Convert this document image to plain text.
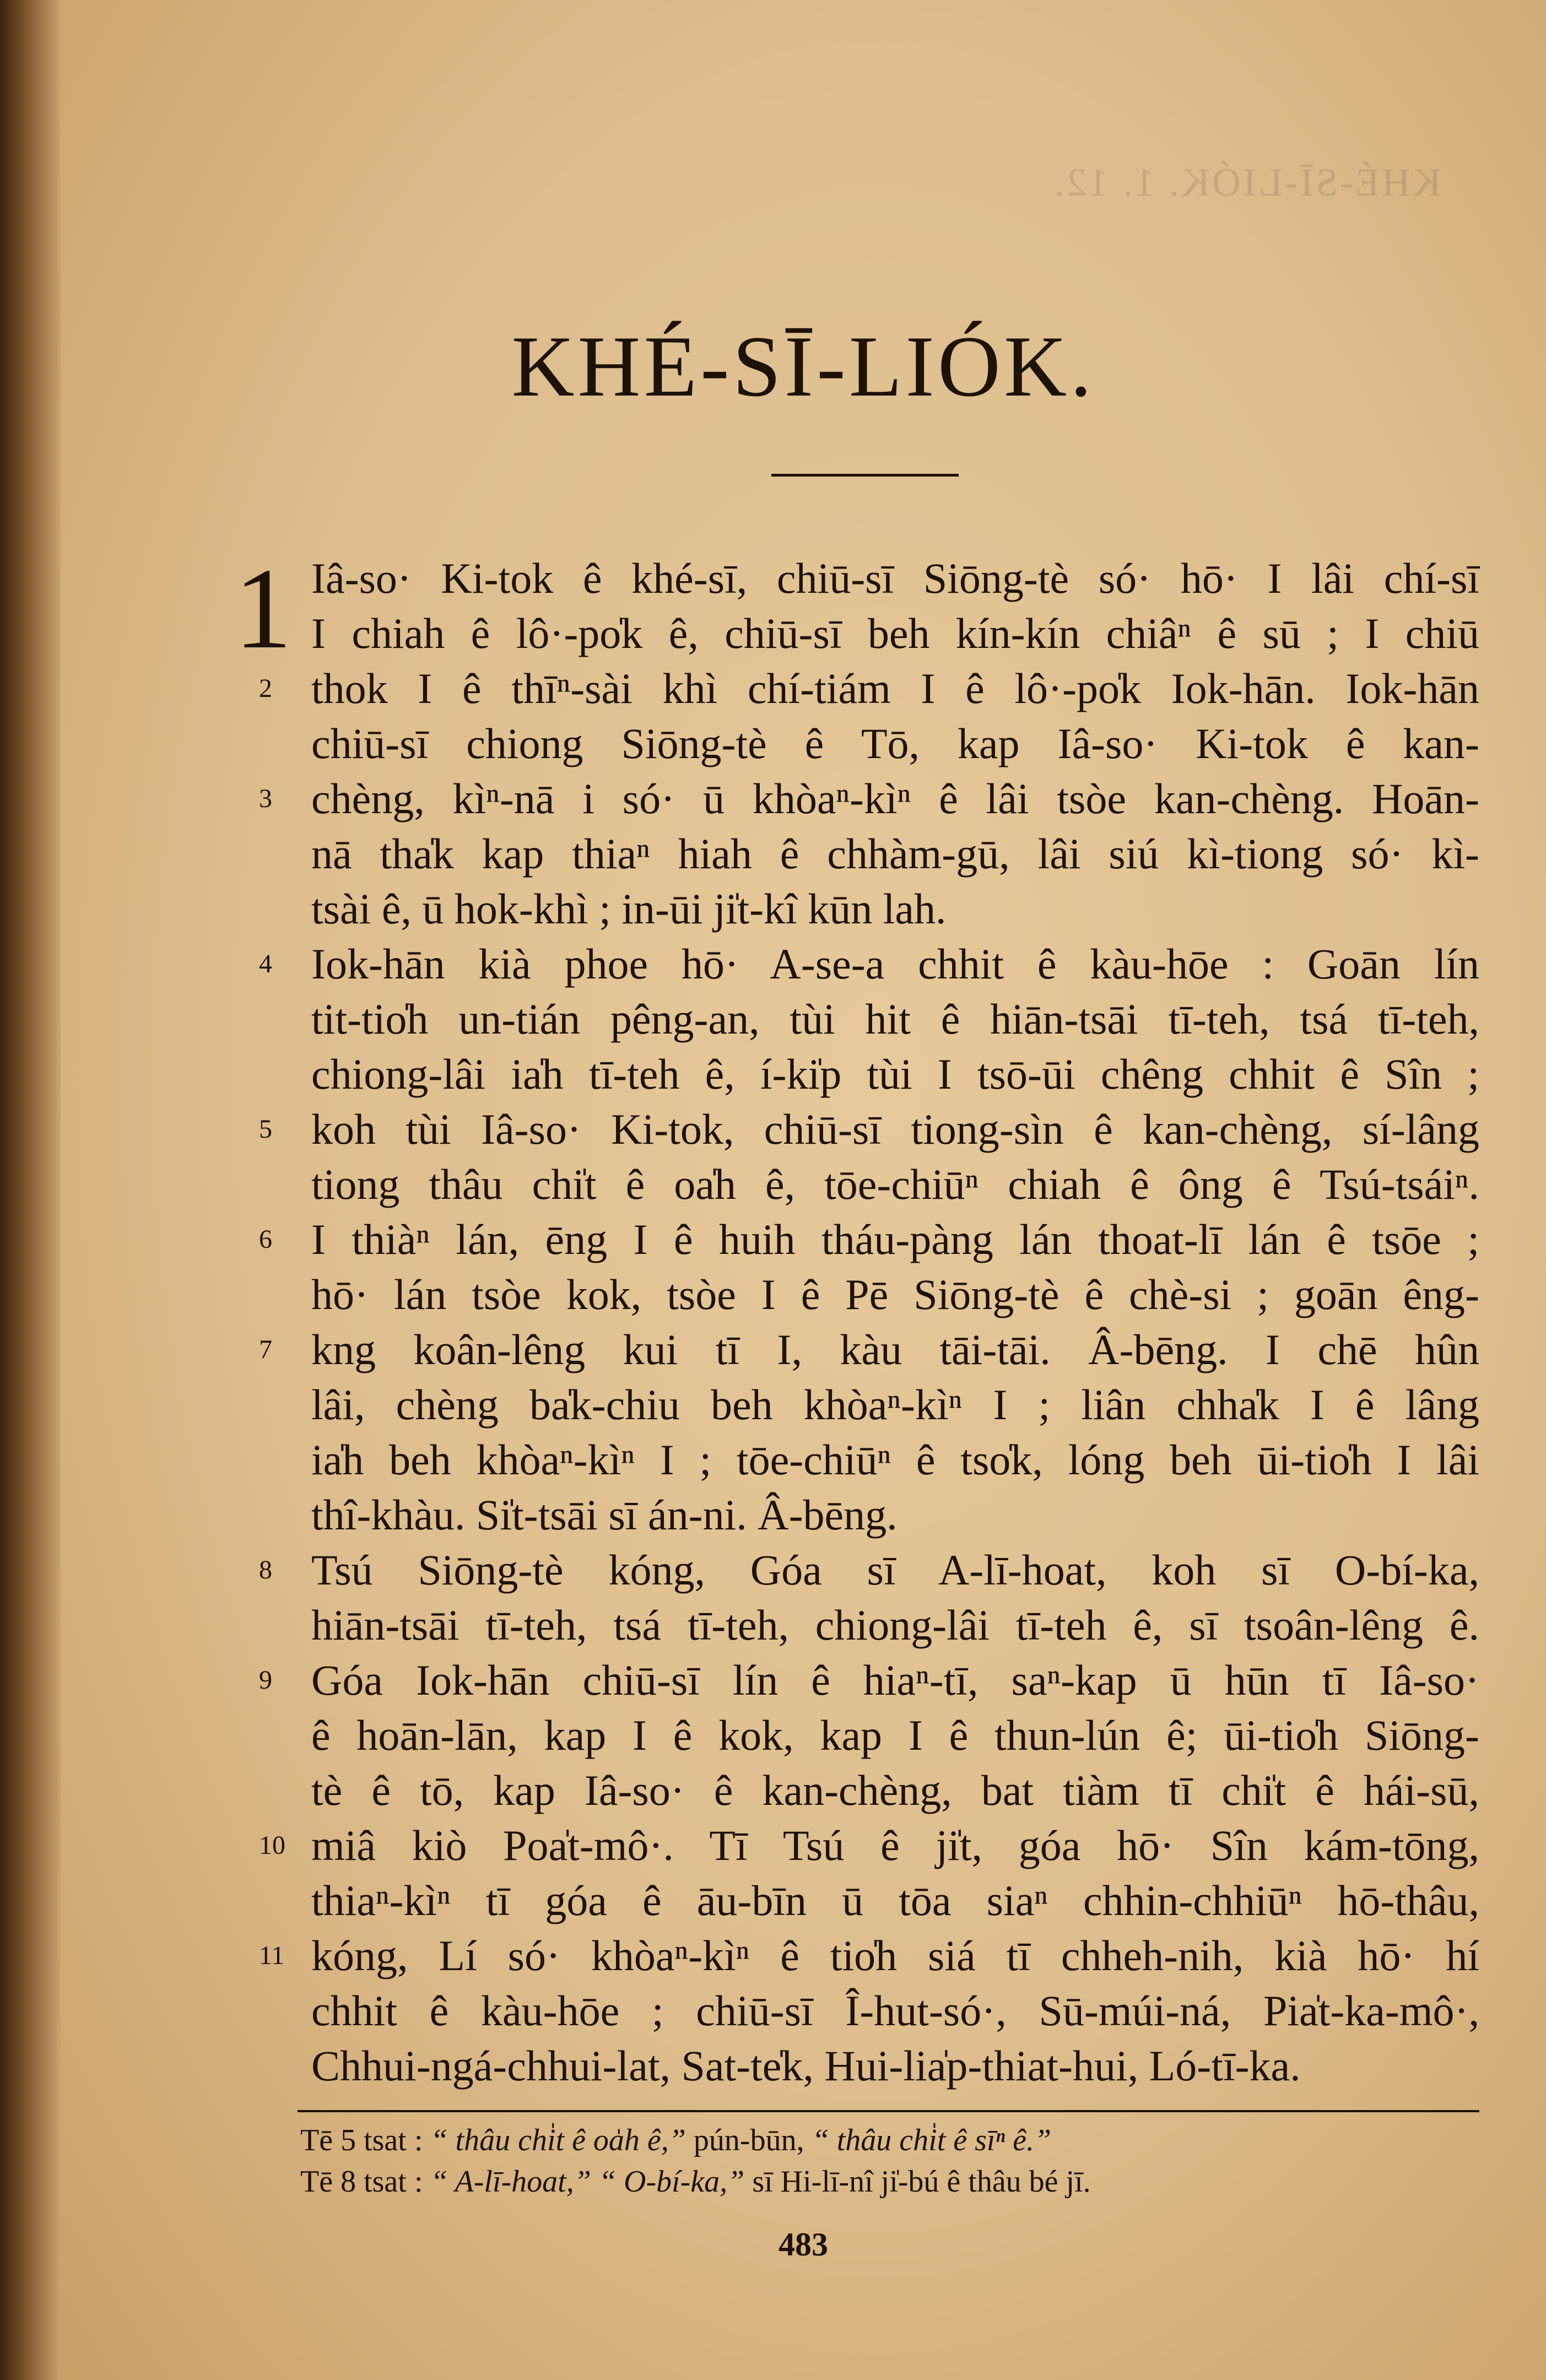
KHÉ-SĪ-LIÓK. 1. 12.
KHÉ-SĪ-LIÓK.
1 Iâ-so· Ki-tok ê khé-sī, chiū-sī Siōng-tè só· hō· I lâi chí-sī
I chiah ê lô·-po̍k ê, chiū-sī beh kín-kín chiâⁿ ê sū ; I chiū
thok I ê thīⁿ-sài khì chí-tiám I ê lô·-po̍k Iok-hān. Iok-hān
chiū-sī chiong Siōng-tè ê Tō, kap Iâ-so· Ki-tok ê kan-
chèng, kìⁿ-nā i só· ū khòaⁿ-kìⁿ ê lâi tsòe kan-chèng. Hoān-
nā tha̍k kap thiaⁿ hiah ê chhàm-gū, lâi siú kì-tiong só· kì-
tsài ê, ū hok-khì ; in-ūi ji̍t-kî kūn lah.
Iok-hān kià phoe hō· A-se-a chhit ê kàu-hōe : Goān lín
tit-tio̍h un-tián pêng-an, tùi hit ê hiān-tsāi tī-teh, tsá tī-teh,
chiong-lâi ia̍h tī-teh ê, í-ki̍p tùi I tsō-ūi chêng chhit ê Sîn ;
koh tùi Iâ-so· Ki-tok, chiū-sī tiong-sìn ê kan-chèng, sí-lâng
tiong thâu chi̍t ê oa̍h ê, tōe-chiūⁿ chiah ê ông ê Tsú-tsáiⁿ.
I thiàⁿ lán, ēng I ê huih tháu-pàng lán thoat-lī lán ê tsōe ;
hō· lán tsòe kok, tsòe I ê Pē Siōng-tè ê chè-si ; goān êng-
kng koân-lêng kui tī I, kàu tāi-tāi. Â-bēng. I chē hûn
lâi, chèng ba̍k-chiu beh khòaⁿ-kìⁿ I ; liân chha̍k I ê lâng
ia̍h beh khòaⁿ-kìⁿ I ; tōe-chiūⁿ ê tso̍k, lóng beh ūi-tio̍h I lâi
thî-khàu. Si̍t-tsāi sī án-ni. Â-bēng.
Tsú Siōng-tè kóng, Góa sī A-lī-hoat, koh sī O-bí-ka,
hiān-tsāi tī-teh, tsá tī-teh, chiong-lâi tī-teh ê, sī tsoân-lêng ê.
Góa Iok-hān chiū-sī lín ê hiaⁿ-tī, saⁿ-kap ū hūn tī Iâ-so·
ê hoān-lān, kap I ê kok, kap I ê thun-lún ê; ūi-tio̍h Siōng-
tè ê tō, kap Iâ-so· ê kan-chèng, bat tiàm tī chi̍t ê hái-sū,
miâ kiò Poa̍t-mô·. Tī Tsú ê ji̍t, góa hō· Sîn kám-tōng,
thiaⁿ-kìⁿ tī góa ê āu-bīn ū tōa siaⁿ chhin-chhiūⁿ hō-thâu,
kóng, Lí só· khòaⁿ-kìⁿ ê tio̍h siá tī chheh-nih, kià hō· hí
chhit ê kàu-hōe ; chiū-sī Î-hut-só·, Sū-múi-ná, Pia̍t-ka-mô·,
Chhui-ngá-chhui-lat, Sat-te̍k, Hui-lia̍p-thiat-hui, Ló-tī-ka.
2
3
4
5
6
7
8
9
10
11
Tē 5 tsat : “ thâu chi̍t ê oa̍h ê,” pún-būn, “ thâu chi̍t ê sīⁿ ê.”
Tē 8 tsat : “ A-lī-hoat,” “ O-bí-ka,” sī Hi-lī-nî ji̍-bú ê thâu bé jī.
483
